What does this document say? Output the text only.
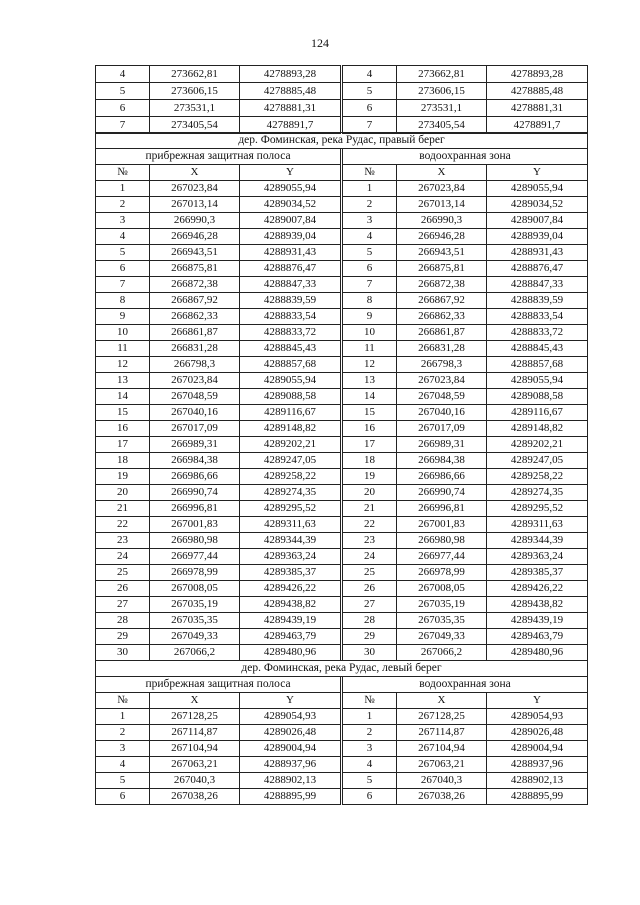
124
4	273662,81	4278893,28		4	273662,81	4278893,28
5	273606,15	4278885,48		5	273606,15	4278885,48
6	273531,1	4278881,31		6	273531,1	4278881,31
7	273405,54	4278891,7		7	273405,54	4278891,7
дер. Фоминская, река Рудас, правый берег						
прибрежная защитная полоса				водоохранная зона		
№	X	Y		№	X	Y
1	267023,84	4289055,94		1	267023,84	4289055,94
2	267013,14	4289034,52		2	267013,14	4289034,52
3	266990,3	4289007,84		3	266990,3	4289007,84
4	266946,28	4288939,04		4	266946,28	4288939,04
5	266943,51	4288931,43		5	266943,51	4288931,43
6	266875,81	4288876,47		6	266875,81	4288876,47
7	266872,38	4288847,33		7	266872,38	4288847,33
8	266867,92	4288839,59		8	266867,92	4288839,59
9	266862,33	4288833,54		9	266862,33	4288833,54
10	266861,87	4288833,72		10	266861,87	4288833,72
11	266831,28	4288845,43		11	266831,28	4288845,43
12	266798,3	4288857,68		12	266798,3	4288857,68
13	267023,84	4289055,94		13	267023,84	4289055,94
14	267048,59	4289088,58		14	267048,59	4289088,58
15	267040,16	4289116,67		15	267040,16	4289116,67
16	267017,09	4289148,82		16	267017,09	4289148,82
17	266989,31	4289202,21		17	266989,31	4289202,21
18	266984,38	4289247,05		18	266984,38	4289247,05
19	266986,66	4289258,22		19	266986,66	4289258,22
20	266990,74	4289274,35		20	266990,74	4289274,35
21	266996,81	4289295,52		21	266996,81	4289295,52
22	267001,83	4289311,63		22	267001,83	4289311,63
23	266980,98	4289344,39		23	266980,98	4289344,39
24	266977,44	4289363,24		24	266977,44	4289363,24
25	266978,99	4289385,37		25	266978,99	4289385,37
26	267008,05	4289426,22		26	267008,05	4289426,22
27	267035,19	4289438,82		27	267035,19	4289438,82
28	267035,35	4289439,19		28	267035,35	4289439,19
29	267049,33	4289463,79		29	267049,33	4289463,79
30	267066,2	4289480,96		30	267066,2	4289480,96
дер. Фоминская, река Рудас, левый берег						
прибрежная защитная полоса				водоохранная зона		
№	X	Y		№	X	Y
1	267128,25	4289054,93		1	267128,25	4289054,93
2	267114,87	4289026,48		2	267114,87	4289026,48
3	267104,94	4289004,94		3	267104,94	4289004,94
4	267063,21	4288937,96		4	267063,21	4288937,96
5	267040,3	4288902,13		5	267040,3	4288902,13
6	267038,26	4288895,99		6	267038,26	4288895,99
